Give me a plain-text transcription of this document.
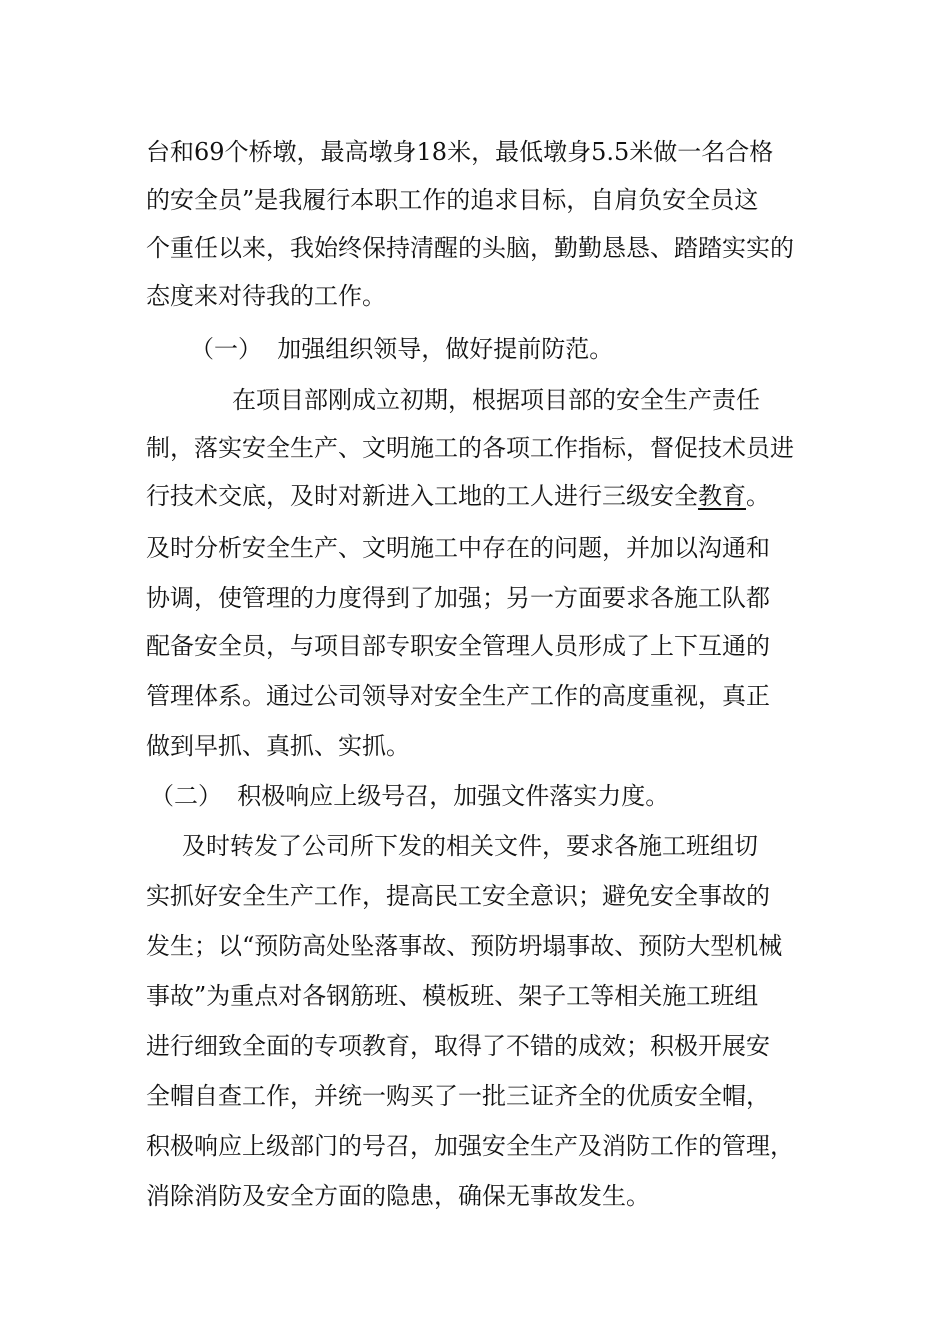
台和69个桥墩，最高墩身18米，最低墩身5.5米做一名合格
的安全员”是我履行本职工作的追求目标，自肩负安全员这
个重任以来，我始终保持清醒的头脑，勤勤恳恳、踏踏实实的
态度来对待我的工作。
（一）  加强组织领导，做好提前防范。
在项目部刚成立初期，根据项目部的安全生产责任
制，落实安全生产、文明施工的各项工作指标，督促技术员进
行技术交底，及时对新进入工地的工人进行三级安全教育。
及时分析安全生产、文明施工中存在的问题，并加以沟通和
协调，使管理的力度得到了加强；另一方面要求各施工队都
配备安全员，与项目部专职安全管理人员形成了上下互通的
管理体系。通过公司领导对安全生产工作的高度重视，真正
做到早抓、真抓、实抓。
（二）  积极响应上级号召，加强文件落实力度。
及时转发了公司所下发的相关文件，要求各施工班组切
实抓好安全生产工作，提高民工安全意识；避免安全事故的
发生；以“预防高处坠落事故、预防坍塌事故、预防大型机械
事故”为重点对各钢筋班、模板班、架子工等相关施工班组
进行细致全面的专项教育，取得了不错的成效；积极开展安
全帽自查工作，并统一购买了一批三证齐全的优质安全帽，
积极响应上级部门的号召，加强安全生产及消防工作的管理，
消除消防及安全方面的隐患，确保无事故发生。
